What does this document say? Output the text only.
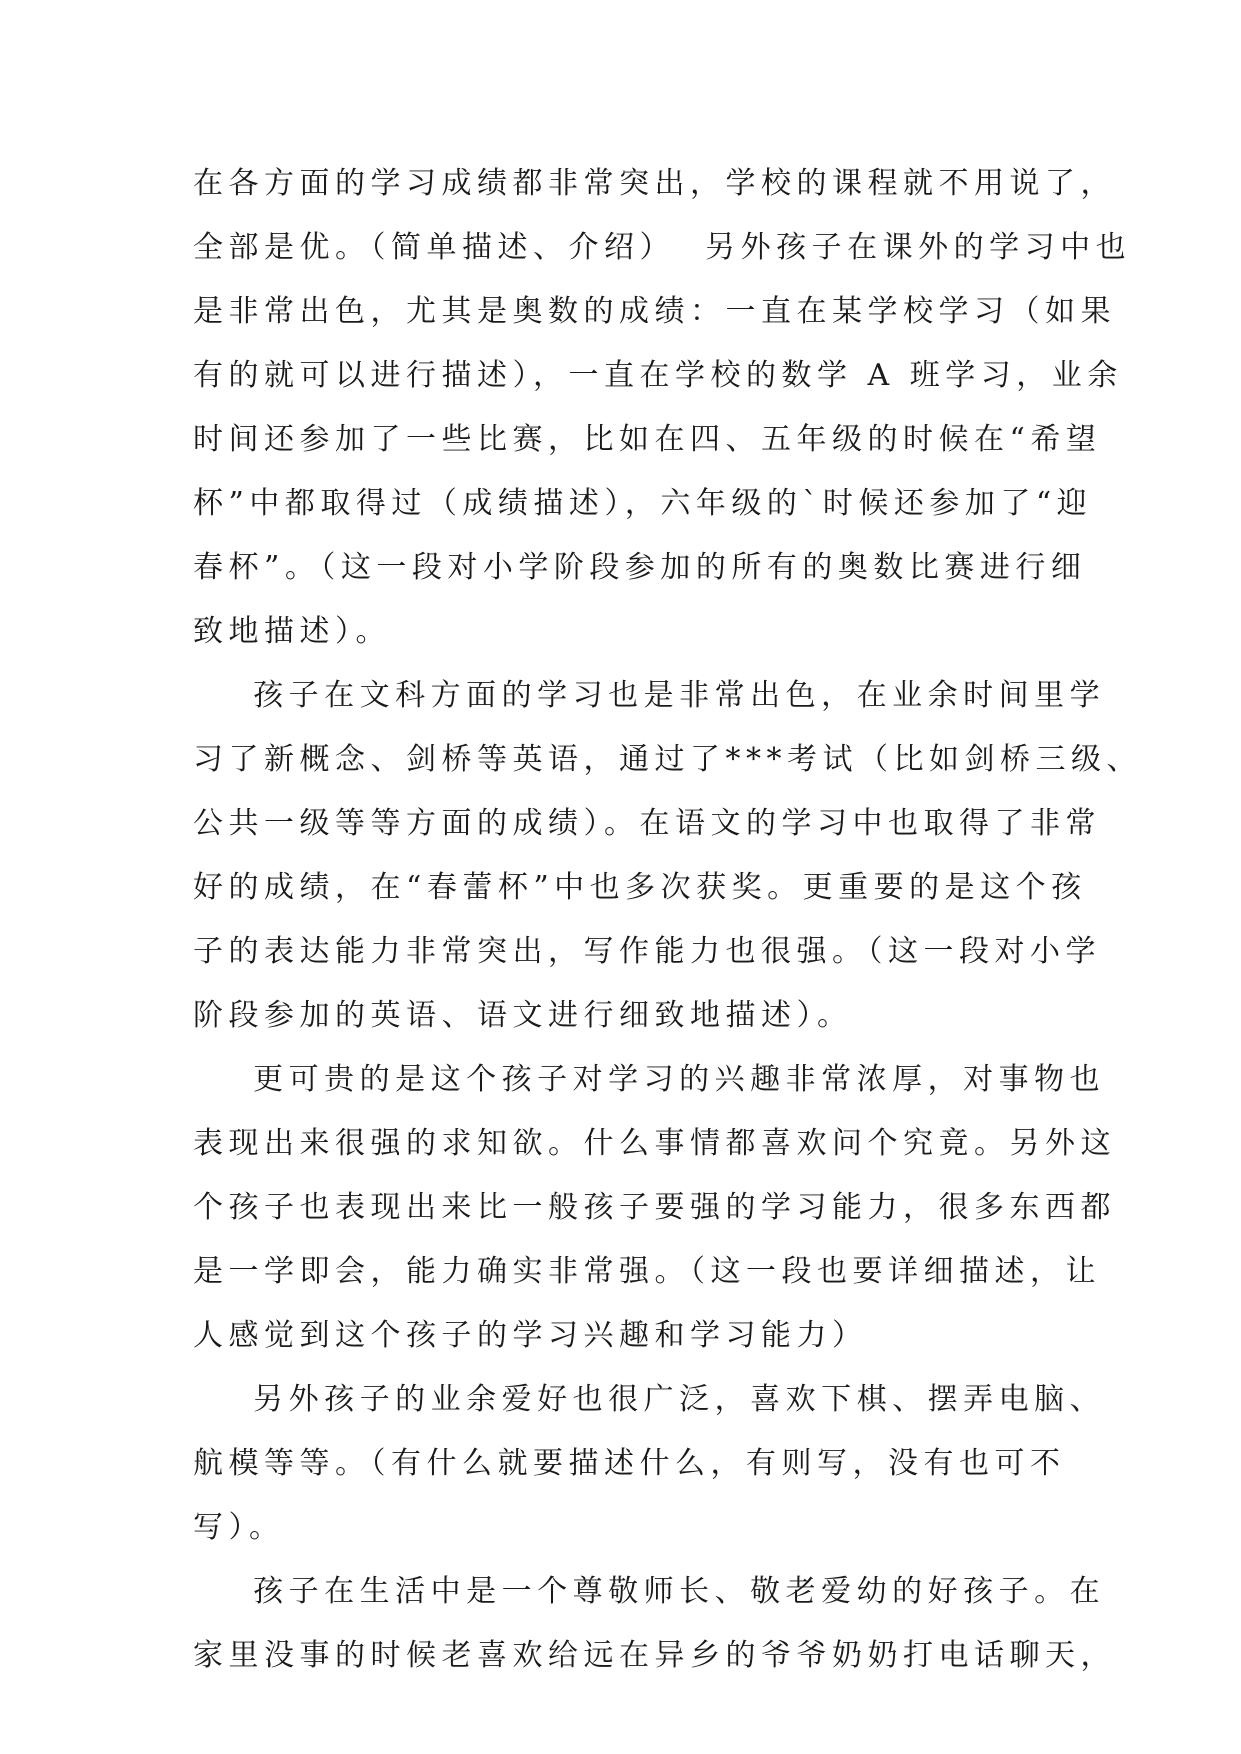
在各方面的学习成绩都非常突出，学校的课程就不用说了，
全部是优。（简单描述、介绍）  另外孩子在课外的学习中也
是非常出色，尤其是奥数的成绩：一直在某学校学习（如果
有的就可以进行描述），一直在学校的数学 A 班学习，业余
时间还参加了一些比赛，比如在四、五年级的时候在“希望
杯”中都取得过（成绩描述），六年级的`时候还参加了“迎
春杯”。（这一段对小学阶段参加的所有的奥数比赛进行细
致地描述）。
孩子在文科方面的学习也是非常出色，在业余时间里学
习了新概念、剑桥等英语，通过了***考试（比如剑桥三级、
公共一级等等方面的成绩）。在语文的学习中也取得了非常
好的成绩，在“春蕾杯”中也多次获奖。更重要的是这个孩
子的表达能力非常突出，写作能力也很强。（这一段对小学
阶段参加的英语、语文进行细致地描述）。
更可贵的是这个孩子对学习的兴趣非常浓厚，对事物也
表现出来很强的求知欲。什么事情都喜欢问个究竟。另外这
个孩子也表现出来比一般孩子要强的学习能力，很多东西都
是一学即会，能力确实非常强。（这一段也要详细描述，让
人感觉到这个孩子的学习兴趣和学习能力）
另外孩子的业余爱好也很广泛，喜欢下棋、摆弄电脑、
航模等等。（有什么就要描述什么，有则写，没有也可不
写）。
孩子在生活中是一个尊敬师长、敬老爱幼的好孩子。在
家里没事的时候老喜欢给远在异乡的爷爷奶奶打电话聊天，
